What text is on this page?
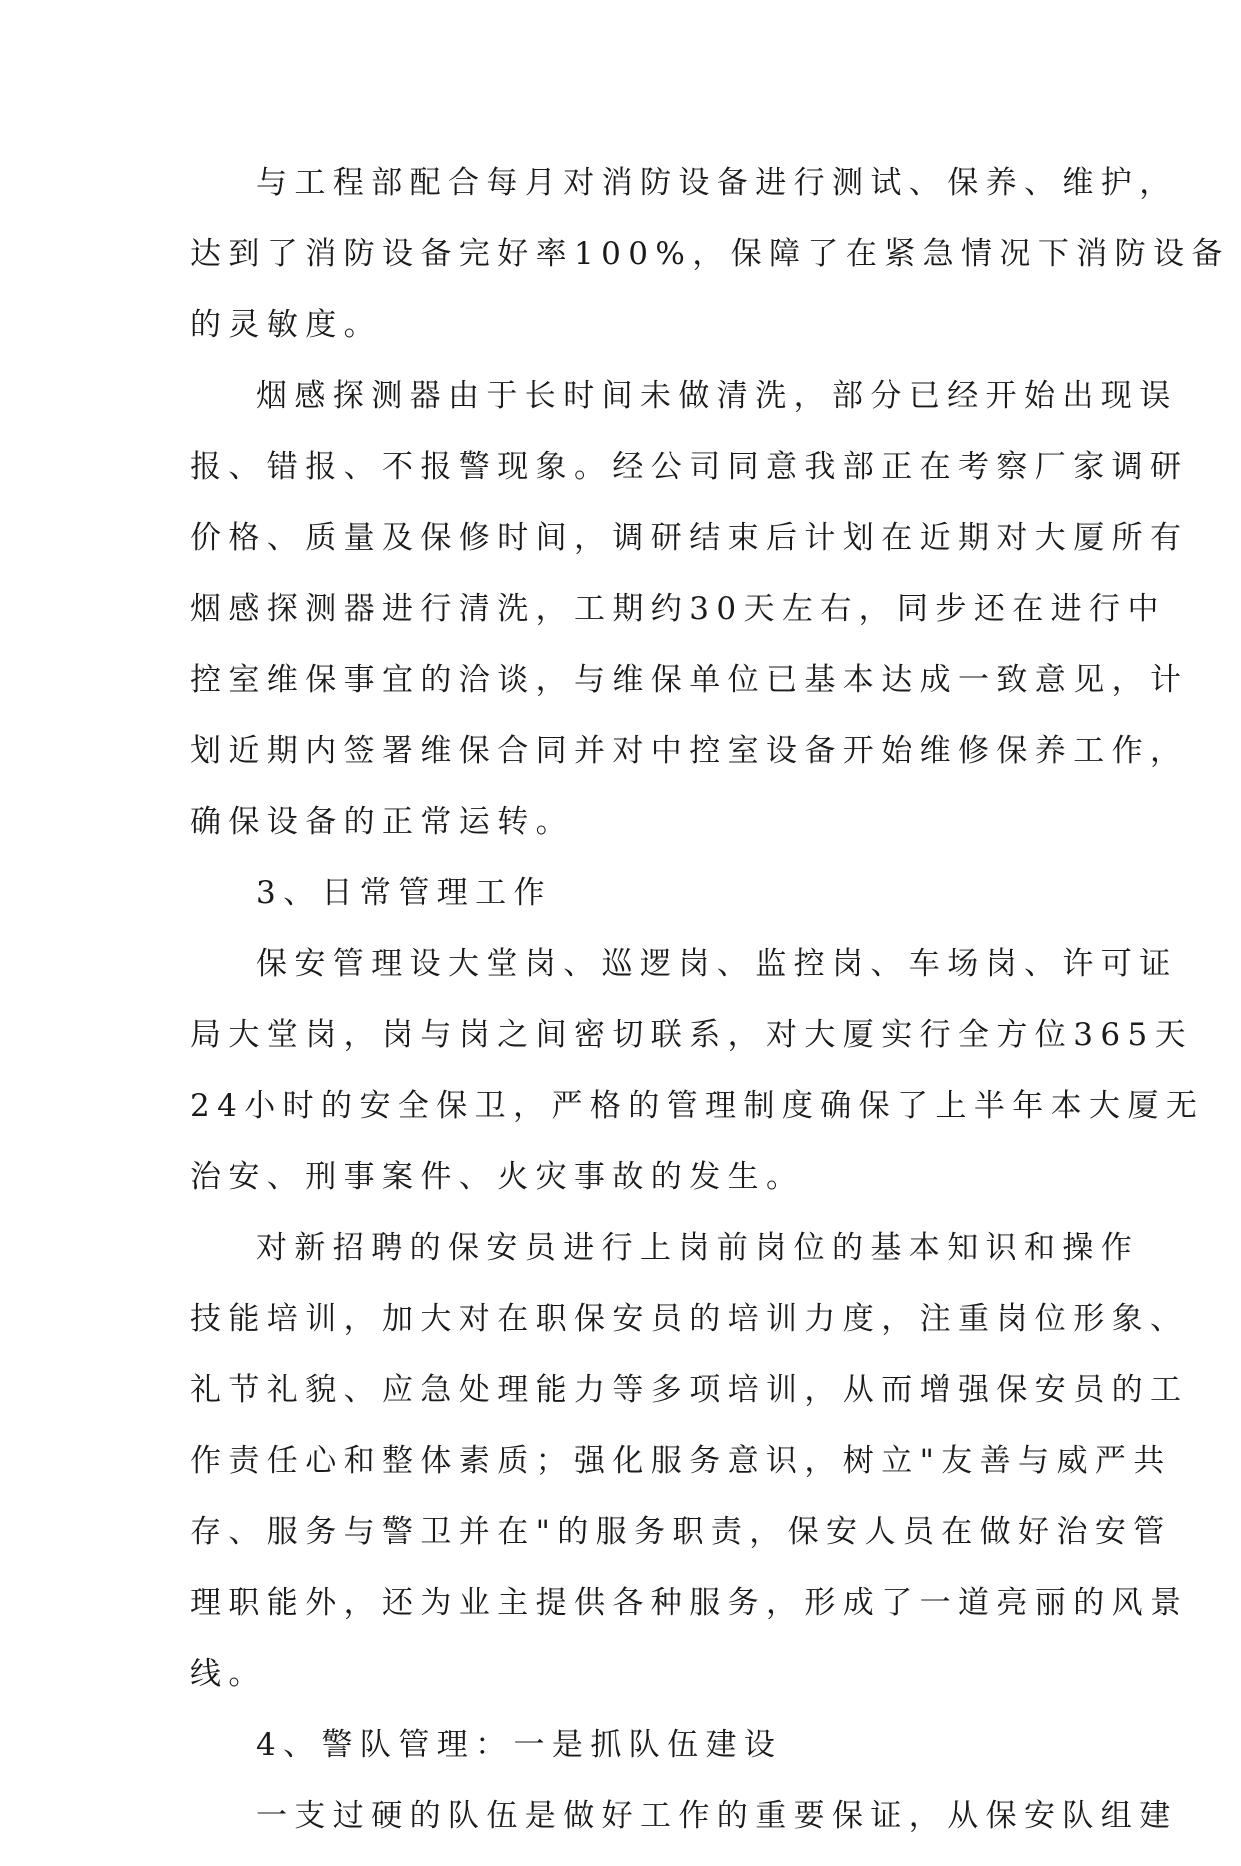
与工程部配合每月对消防设备进行测试、保养、维护，
达到了消防设备完好率100%，保障了在紧急情况下消防设备
的灵敏度。
烟感探测器由于长时间未做清洗，部分已经开始出现误
报、错报、不报警现象。经公司同意我部正在考察厂家调研
价格、质量及保修时间，调研结束后计划在近期对大厦所有
烟感探测器进行清洗，工期约30天左右，同步还在进行中
控室维保事宜的洽谈，与维保单位已基本达成一致意见，计
划近期内签署维保合同并对中控室设备开始维修保养工作，
确保设备的正常运转。
3、日常管理工作
保安管理设大堂岗、巡逻岗、监控岗、车场岗、许可证
局大堂岗，岗与岗之间密切联系，对大厦实行全方位365天
24小时的安全保卫，严格的管理制度确保了上半年本大厦无
治安、刑事案件、火灾事故的发生。
对新招聘的保安员进行上岗前岗位的基本知识和操作
技能培训，加大对在职保安员的培训力度，注重岗位形象、
礼节礼貌、应急处理能力等多项培训，从而增强保安员的工
作责任心和整体素质；强化服务意识，树立"友善与威严共
存、服务与警卫并在"的服务职责，保安人员在做好治安管
理职能外，还为业主提供各种服务，形成了一道亮丽的风景
线。
4、警队管理：一是抓队伍建设
一支过硬的队伍是做好工作的重要保证，从保安队组建
